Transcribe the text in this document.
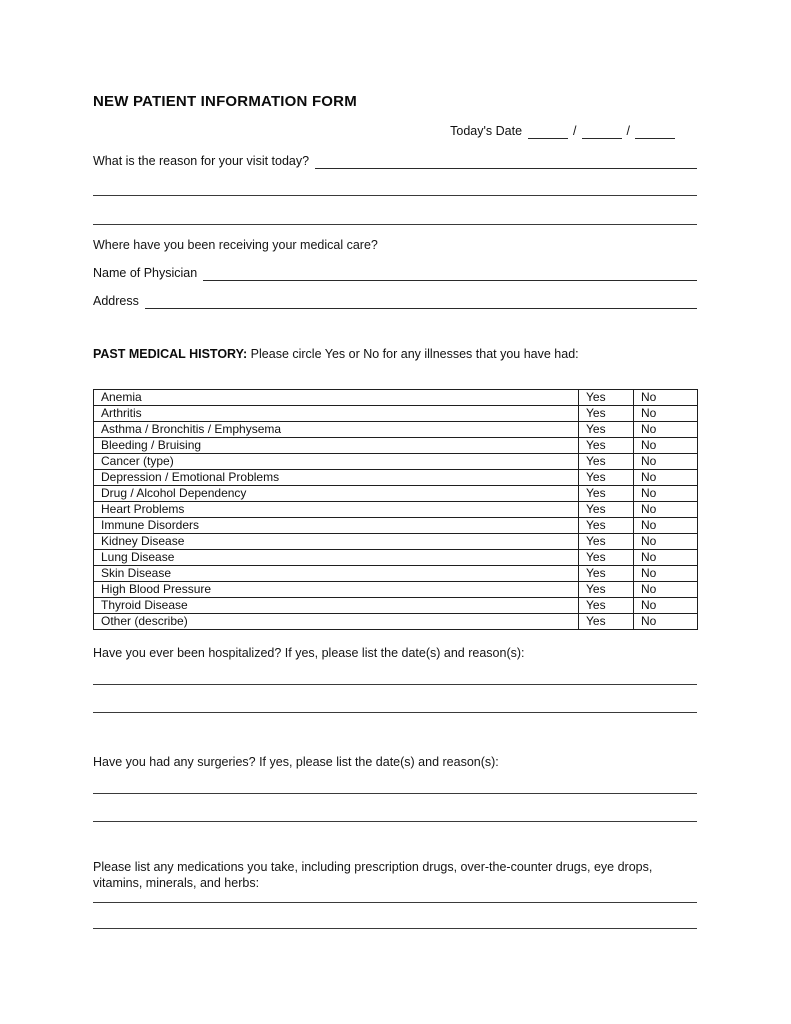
NEW PATIENT INFORMATION FORM
Today's Date	/	/
What is the reason for your visit today?
Where have you been receiving your medical care?
Name of Physician
Address
PAST MEDICAL HISTORY: Please circle Yes or No for any illnesses that you have had:
Anemia	Yes	No
Arthritis	Yes	No
Asthma / Bronchitis / Emphysema	Yes	No
Bleeding / Bruising	Yes	No
Cancer (type)	Yes	No
Depression / Emotional Problems	Yes	No
Drug / Alcohol Dependency	Yes	No
Heart Problems	Yes	No
Immune Disorders	Yes	No
Kidney Disease	Yes	No
Lung Disease	Yes	No
Skin Disease	Yes	No
High Blood Pressure	Yes	No
Thyroid Disease	Yes	No
Other (describe)	Yes	No
Have you ever been hospitalized? If yes, please list the date(s) and reason(s):
Have you had any surgeries? If yes, please list the date(s) and reason(s):
Please list any medications you take, including prescription drugs, over-the-counter drugs, eye drops, vitamins, minerals, and herbs:
